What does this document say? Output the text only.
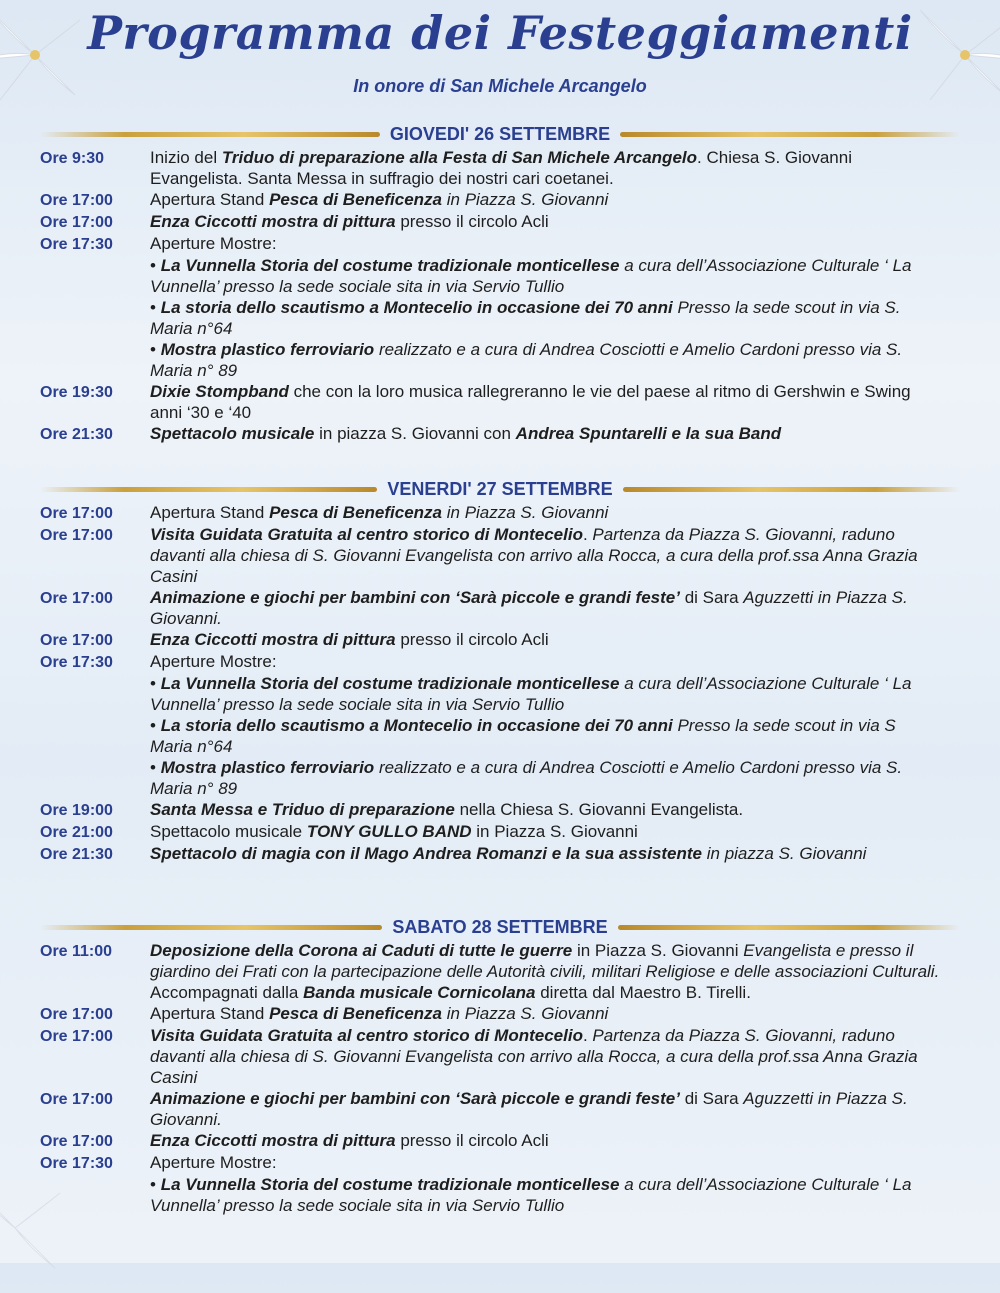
Programma dei Festeggiamenti
In onore di San Michele Arcangelo
GIOVEDI' 26 SETTEMBRE
Ore 9:30	Inizio del Triduo di preparazione alla Festa di San Michele Arcangelo. Chiesa S. Giovanni Evangelista. Santa Messa in suffragio dei nostri cari coetanei.
Ore 17:00	Apertura Stand Pesca di Beneficenza in Piazza S. Giovanni
Ore 17:00	Enza Ciccotti mostra di pittura presso il circolo Acli
Ore 17:30	Aperture Mostre:
• La Vunnella Storia del costume tradizionale monticellese a cura dell’Associazione Culturale ‘ La Vunnella’ presso la sede sociale sita in via Servio Tullio
• La storia dello scautismo a Montecelio in occasione dei 70 anni Presso la sede scout in via S. Maria n°64
• Mostra plastico ferroviario realizzato e a cura di Andrea Cosciotti e Amelio Cardoni presso via S. Maria n° 89
Ore 19:30	Dixie Stompband che con la loro musica rallegreranno le vie del paese al ritmo di Gershwin e Swing anni ‘30 e ‘40
Ore 21:30	Spettacolo musicale in piazza S. Giovanni con Andrea Spuntarelli e la sua Band
VENERDI' 27 SETTEMBRE
Ore 17:00	Apertura Stand Pesca di Beneficenza in Piazza S. Giovanni
Ore 17:00	Visita Guidata Gratuita al centro storico di Montecelio. Partenza da Piazza S. Giovanni, raduno davanti alla chiesa di S. Giovanni Evangelista con arrivo alla Rocca, a cura della prof.ssa Anna Grazia Casini
Ore 17:00	Animazione e giochi per bambini con ‘Sarà piccole e grandi feste’ di Sara Aguzzetti in Piazza S. Giovanni.
Ore 17:00	Enza Ciccotti mostra di pittura presso il circolo Acli
Ore 17:30	Aperture Mostre:
• La Vunnella Storia del costume tradizionale monticellese a cura dell’Associazione Culturale ‘ La Vunnella’ presso la sede sociale sita in via Servio Tullio
• La storia dello scautismo a Montecelio in occasione dei 70 anni Presso la sede scout in via S Maria n°64
• Mostra plastico ferroviario realizzato e a cura di Andrea Cosciotti e Amelio Cardoni presso via S. Maria n° 89
Ore 19:00	Santa Messa e Triduo di preparazione nella Chiesa S. Giovanni Evangelista.
Ore 21:00	Spettacolo musicale TONY GULLO BAND in Piazza S. Giovanni
Ore 21:30	Spettacolo di magia con il Mago Andrea Romanzi e la sua assistente in piazza S. Giovanni
SABATO 28 SETTEMBRE
Ore 11:00	Deposizione della Corona ai Caduti di tutte le guerre in Piazza S. Giovanni Evangelista e presso il giardino dei Frati con la partecipazione delle Autorità civili, militari Religiose e delle associazioni Culturali. Accompagnati dalla Banda musicale Cornicolana diretta dal Maestro B. Tirelli.
Ore 17:00	Apertura Stand Pesca di Beneficenza in Piazza S. Giovanni
Ore 17:00	Visita Guidata Gratuita al centro storico di Montecelio. Partenza da Piazza S. Giovanni, raduno davanti alla chiesa di S. Giovanni Evangelista con arrivo alla Rocca, a cura della prof.ssa Anna Grazia Casini
Ore 17:00	Animazione e giochi per bambini con ‘Sarà piccole e grandi feste’ di Sara Aguzzetti in Piazza S. Giovanni.
Ore 17:00	Enza Ciccotti mostra di pittura presso il circolo Acli
Ore 17:30	Aperture Mostre:
• La Vunnella Storia del costume tradizionale monticellese a cura dell’Associazione Culturale ‘ La Vunnella’ presso la sede sociale sita in via Servio Tullio
